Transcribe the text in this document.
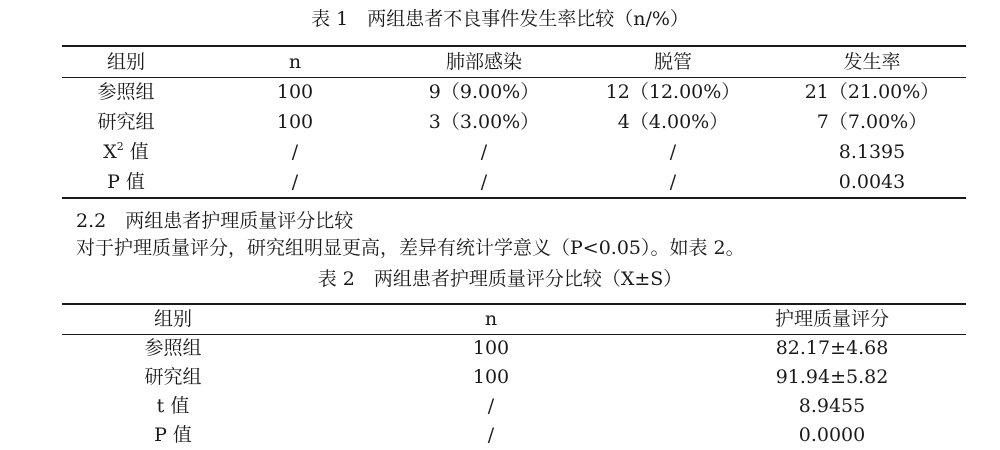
表 1　两组患者不良事件发生率比较（n/%）
组别	n	肺部感染	脱管	发生率
参照组	100	9（9.00%）	12（12.00%）	21（21.00%）
研究组	100	3（3.00%）	4（4.00%）	7（7.00%）
$X^2$ 值	/	/	/	8.1395
P 值	/	/	/	0.0043
2.2　两组患者护理质量评分比较
对于护理质量评分，研究组明显更高，差异有统计学意义（P<0.05）。如表 2。
表 2　两组患者护理质量评分比较（X±S）
组别	n	护理质量评分
参照组	100	82.17±4.68
研究组	100	91.94±5.82
t 值	/	8.9455
P 值	/	0.0000
